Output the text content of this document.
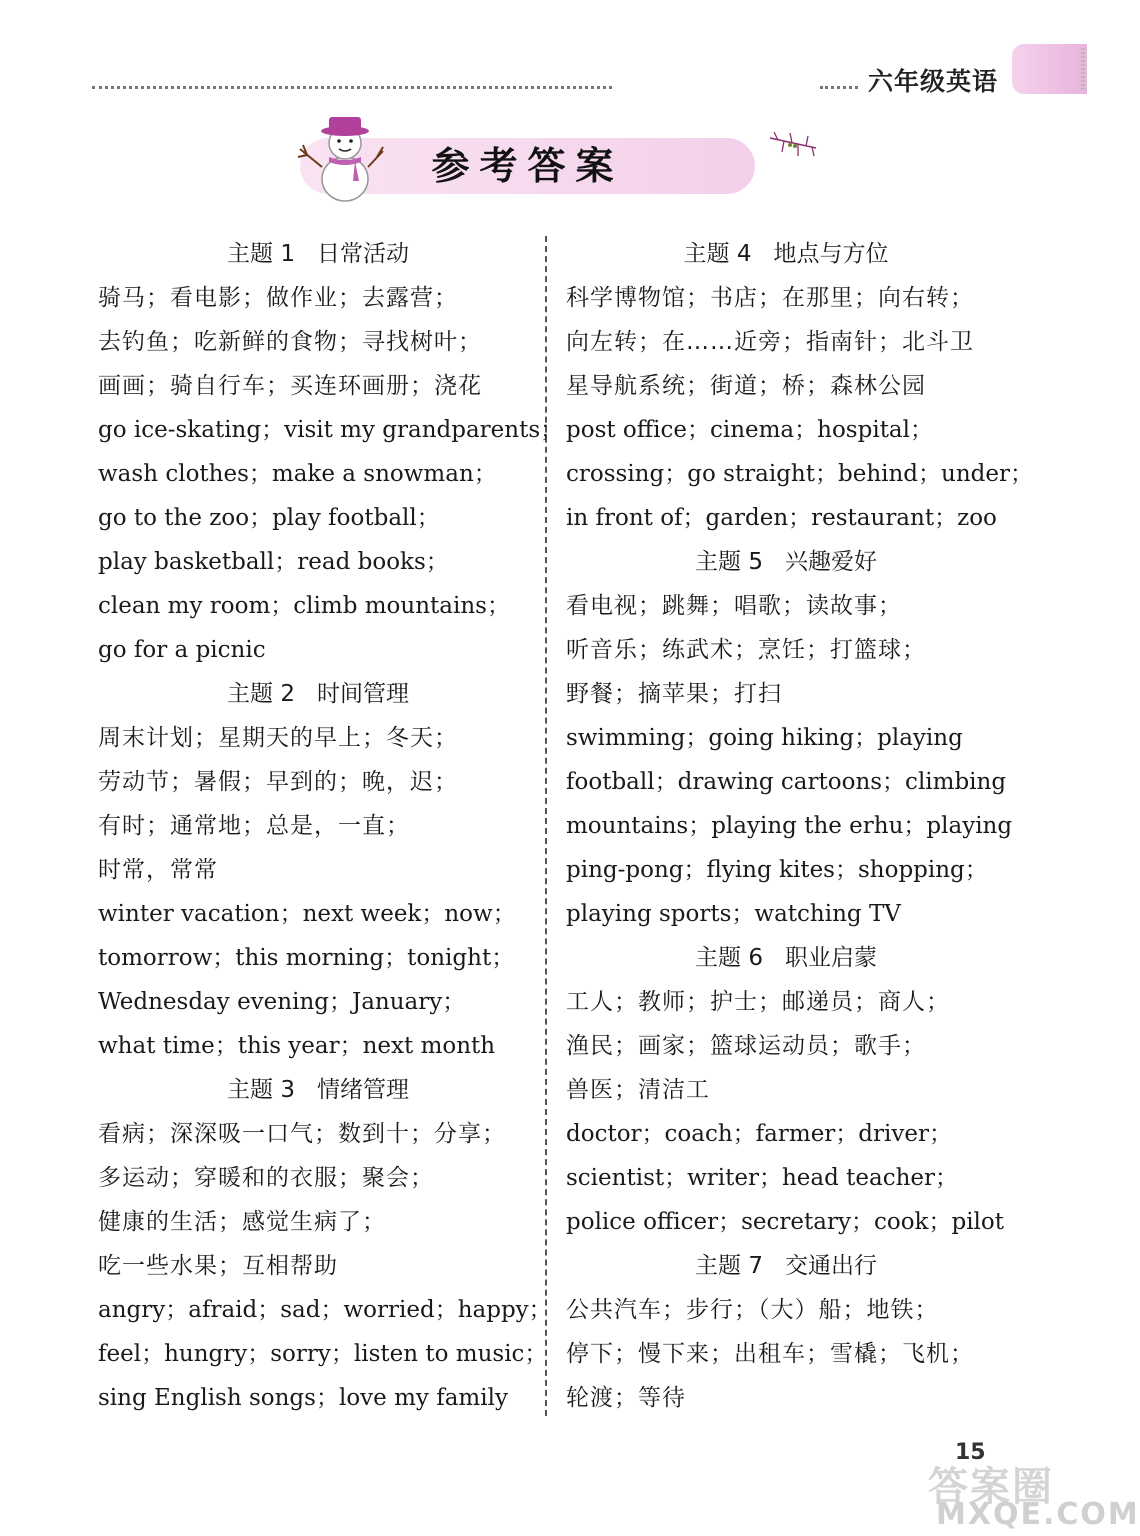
六年级英语
参考答案
主题 1 日常活动
骑马；看电影；做作业；去露营；
去钓鱼；吃新鲜的食物；寻找树叶；
画画；骑自行车；买连环画册；浇花
go ice-skating；visit my grandparents；
wash clothes；make a snowman；
go to the zoo；play football；
play basketball；read books；
clean my room；climb mountains；
go for a picnic
主题 2 时间管理
周末计划；星期天的早上；冬天；
劳动节；暑假；早到的；晚，迟；
有时；通常地；总是，一直；
时常，常常
winter vacation；next week；now；
tomorrow；this morning；tonight；
Wednesday evening；January；
what time；this year；next month
主题 3 情绪管理
看病；深深吸一口气；数到十；分享；
多运动；穿暖和的衣服；聚会；
健康的生活；感觉生病了；
吃一些水果；互相帮助
angry；afraid；sad；worried；happy；
feel；hungry；sorry；listen to music；
sing English songs；love my family
主题 4 地点与方位
科学博物馆；书店；在那里；向右转；
向左转；在……近旁；指南针；北斗卫
星导航系统；街道；桥；森林公园
post office；cinema；hospital；
crossing；go straight；behind；under；
in front of；garden；restaurant；zoo
主题 5 兴趣爱好
看电视；跳舞；唱歌；读故事；
听音乐；练武术；烹饪；打篮球；
野餐；摘苹果；打扫
swimming；going hiking；playing
football；drawing cartoons；climbing
mountains；playing the erhu；playing
ping-pong；flying kites；shopping；
playing sports；watching TV
主题 6 职业启蒙
工人；教师；护士；邮递员；商人；
渔民；画家；篮球运动员；歌手；
兽医；清洁工
doctor；coach；farmer；driver；
scientist；writer；head teacher；
police officer；secretary；cook；pilot
主题 7 交通出行
公共汽车；步行；（大）船；地铁；
停下；慢下来；出租车；雪橇；飞机；
轮渡；等待
15
答案圈
MXQE.COM
